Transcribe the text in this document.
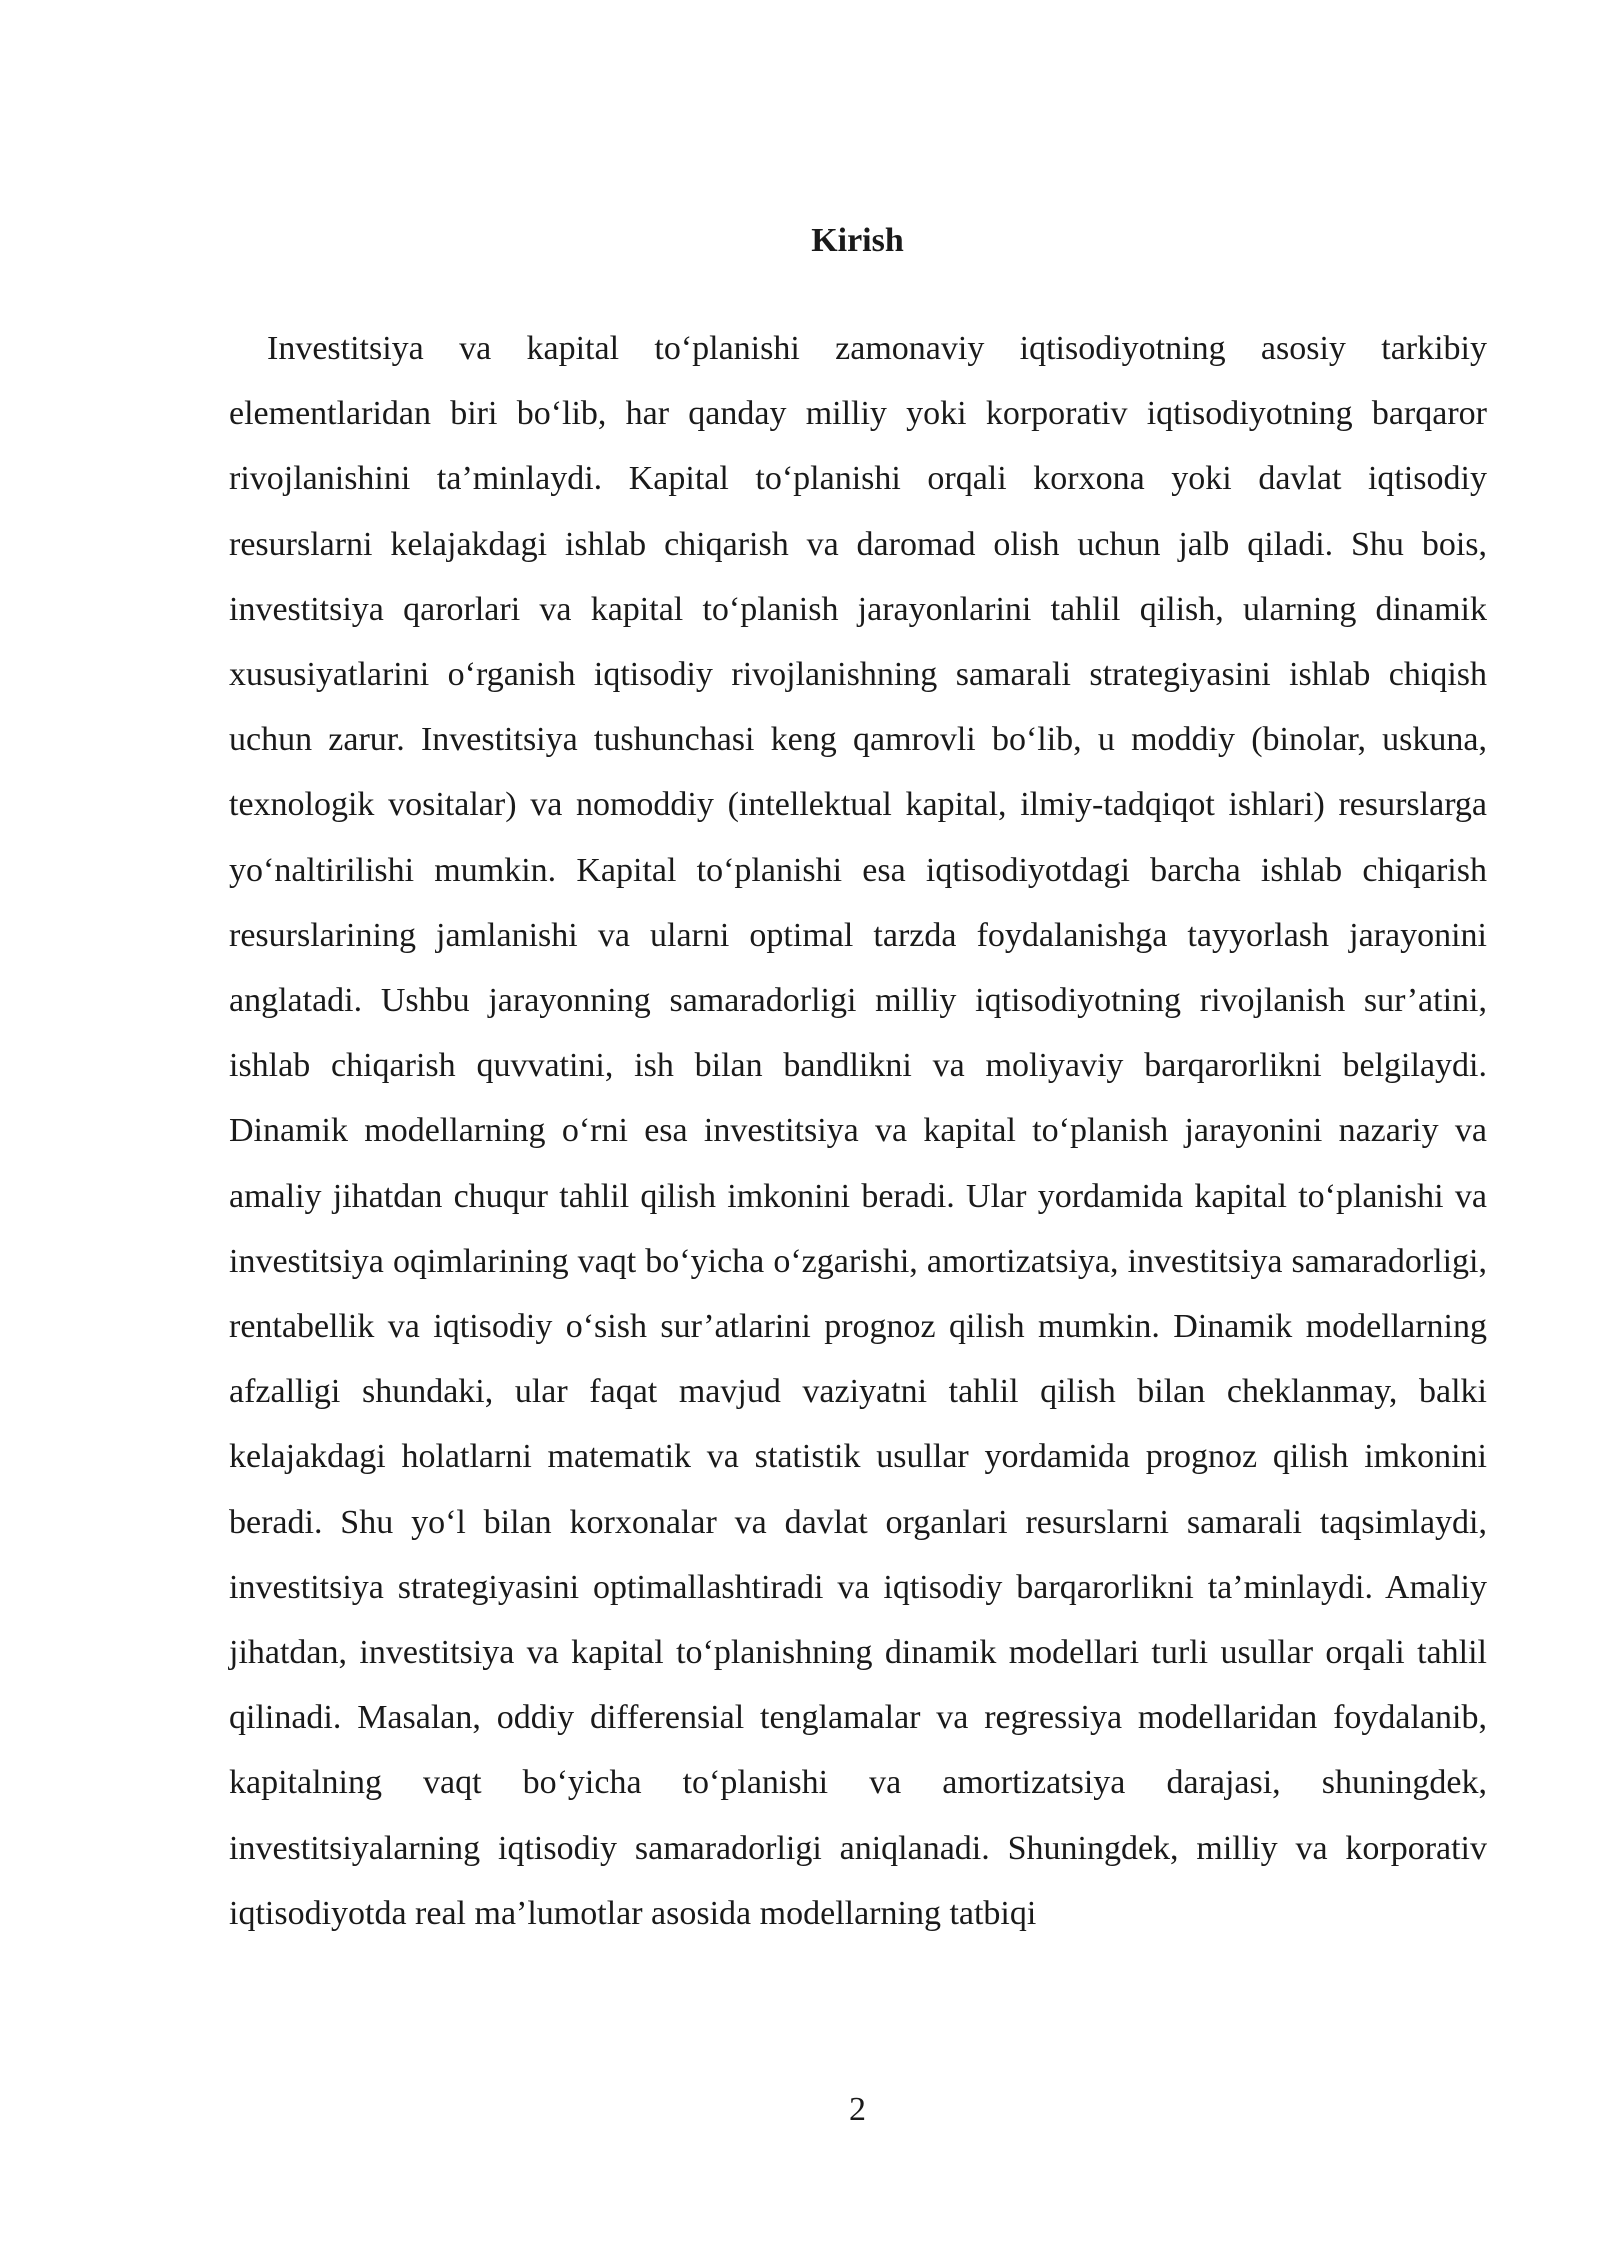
Kirish

Investitsiya va kapital to‘planishi zamonaviy iqtisodiyotning asosiy tarkibiy elementlaridan biri bo‘lib, har qanday milliy yoki korporativ iqtisodiyotning barqaror rivojlanishini ta’minlaydi. Kapital to‘planishi orqali korxona yoki davlat iqtisodiy resurslarni kelajakdagi ishlab chiqarish va daromad olish uchun jalb qiladi. Shu bois, investitsiya qarorlari va kapital to‘planish jarayonlarini tahlil qilish, ularning dinamik xususiyatlarini o‘rganish iqtisodiy rivojlanishning samarali strategiyasini ishlab chiqish uchun zarur. Investitsiya tushunchasi keng qamrovli bo‘lib, u moddiy (binolar, uskuna, texnologik vositalar) va nomoddiy (intellektual kapital, ilmiy-tadqiqot ishlari) resurslarga yo‘naltirilishi mumkin. Kapital to‘planishi esa iqtisodiyotdagi barcha ishlab chiqarish resurslarining jamlanishi va ularni optimal tarzda foydalanishga tayyorlash jarayonini anglatadi. Ushbu jarayonning samaradorligi milliy iqtisodiyotning rivojlanish sur’atini, ishlab chiqarish quvvatini, ish bilan bandlikni va moliyaviy barqarorlikni belgilaydi. Dinamik modellarning o‘rni esa investitsiya va kapital to‘planish jarayonini nazariy va amaliy jihatdan chuqur tahlil qilish imkonini beradi. Ular yordamida kapital to‘planishi va investitsiya oqimlarining vaqt bo‘yicha o‘zgarishi, amortizatsiya, investitsiya samaradorligi, rentabellik va iqtisodiy o‘sish sur’atlarini prognoz qilish mumkin. Dinamik modellarning afzalligi shundaki, ular faqat mavjud vaziyatni tahlil qilish bilan cheklanmay, balki kelajakdagi holatlarni matematik va statistik usullar yordamida prognoz qilish imkonini beradi. Shu yo‘l bilan korxonalar va davlat organlari resurslarni samarali taqsimlaydi, investitsiya strategiyasini optimallashtiradi va iqtisodiy barqarorlikni ta’minlaydi. Amaliy jihatdan, investitsiya va kapital to‘planishning dinamik modellari turli usullar orqali tahlil qilinadi. Masalan, oddiy differensial tenglamalar va regressiya modellaridan foydalanib, kapitalning vaqt bo‘yicha to‘planishi va amortizatsiya darajasi, shuningdek, investitsiyalarning iqtisodiy samaradorligi aniqlanadi. Shuningdek, milliy va korporativ iqtisodiyotda real ma’lumotlar asosida modellarning tatbiqi

2
